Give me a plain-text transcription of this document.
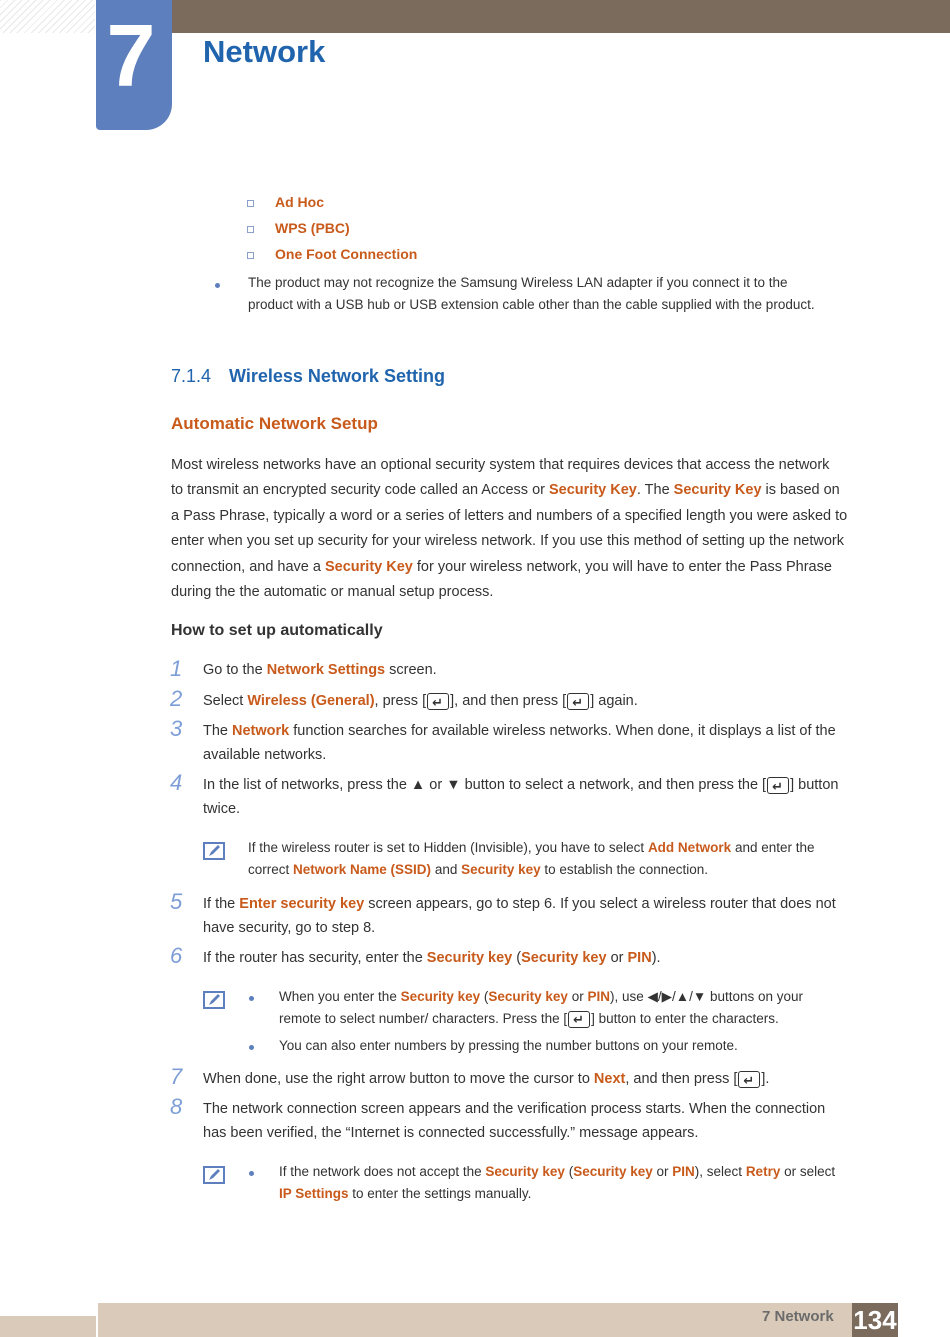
7	Network
Ad Hoc
WPS (PBC)
One Foot Connection
The product may not recognize the Samsung Wireless LAN adapter if you connect it to the
product with a USB hub or USB extension cable other than the cable supplied with the product.
7.1.4 Wireless Network Setting
Automatic Network Setup
Most wireless networks have an optional security system that requires devices that access the network
to transmit an encrypted security code called an Access or Security Key. The Security Key is based on
a Pass Phrase, typically a word or a series of letters and numbers of a specified length you were asked to
enter when you set up security for your wireless network. If you use this method of setting up the network
connection, and have a Security Key for your wireless network, you will have to enter the Pass Phrase
during the the automatic or manual setup process.
How to set up automatically
1 Go to the Network Settings screen.
2 Select Wireless (General), press [ ↵ ], and then press [ ↵ ] again.
3 The Network function searches for available wireless networks. When done, it displays a list of the
available networks.
4 In the list of networks, press the ▲ or ▼ button to select a network, and then press the [ ↵ ] button
twice.
If the wireless router is set to Hidden (Invisible), you have to select Add Network and enter the
correct Network Name (SSID) and Security key to establish the connection.
5 If the Enter security key screen appears, go to step 6. If you select a wireless router that does not
have security, go to step 8.
6 If the router has security, enter the Security key (Security key or PIN).
When you enter the Security key (Security key or PIN), use ◀/▶/▲/▼ buttons on your
remote to select number/ characters. Press the [ ↵ ] button to enter the characters.
You can also enter numbers by pressing the number buttons on your remote.
7 When done, use the right arrow button to move the cursor to Next, and then press [ ↵ ].
8 The network connection screen appears and the verification process starts. When the connection
has been verified, the “Internet is connected successfully.” message appears.
If the network does not accept the Security key (Security key or PIN), select Retry or select
IP Settings to enter the settings manually.
7 Network 134
